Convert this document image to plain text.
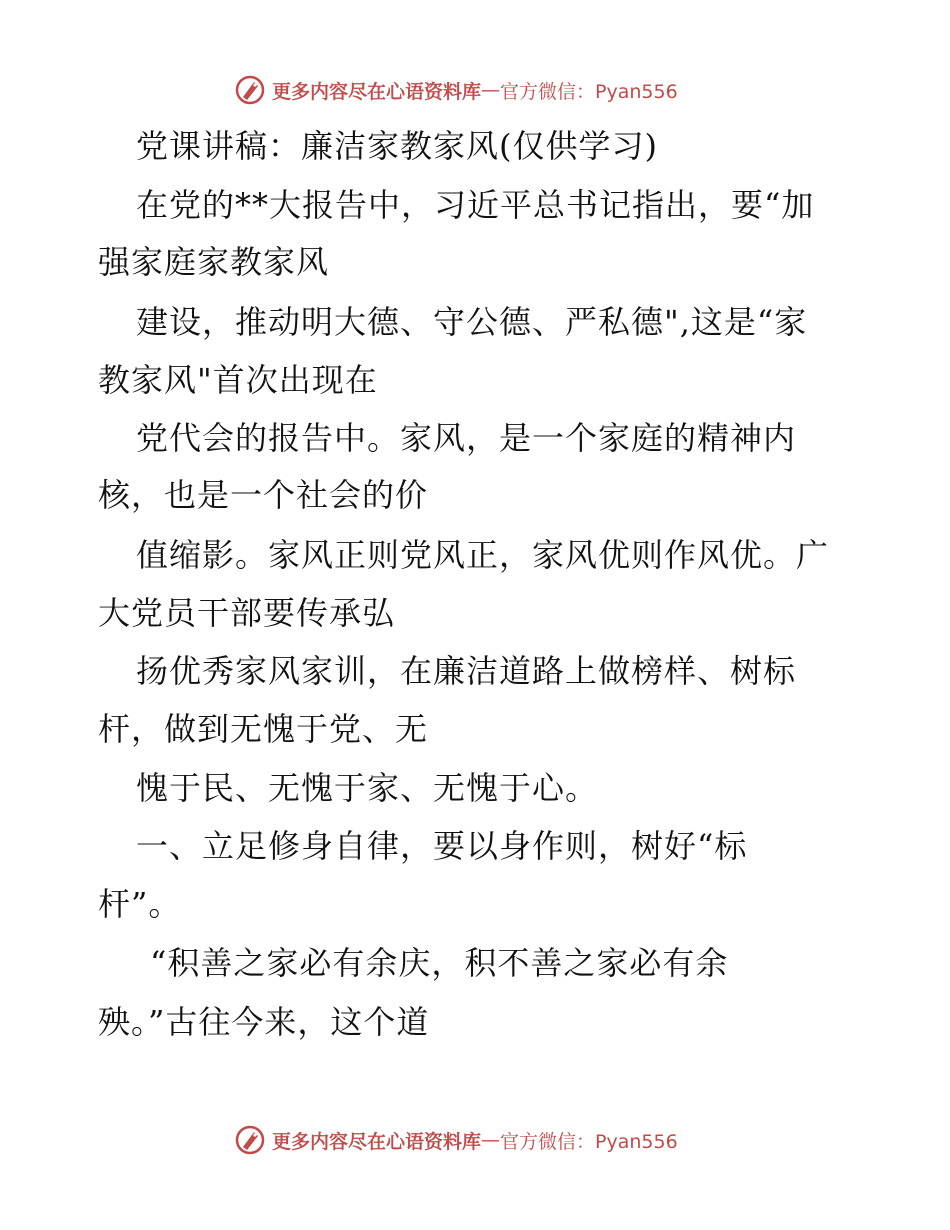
更多内容尽在心语资料库 — 官方微信：Pyan556
党课讲稿：廉洁家教家风(仅供学习)
在党的**大报告中，习近平总书记指出，要“加
强家庭家教家风
建设，推动明大德、守公德、严私德",这是“家
教家风"首次出现在
党代会的报告中。家风，是一个家庭的精神内
核，也是一个社会的价
值缩影。家风正则党风正，家风优则作风优。广
大党员干部要传承弘
扬优秀家风家训，在廉洁道路上做榜样、树标
杆，做到无愧于党、无
愧于民、无愧于家、无愧于心。
一、立足修身自律，要以身作则，树好“标
杆”。
“积善之家必有余庆，积不善之家必有余
殃。”古往今来，这个道
更多内容尽在心语资料库 — 官方微信：Pyan556
